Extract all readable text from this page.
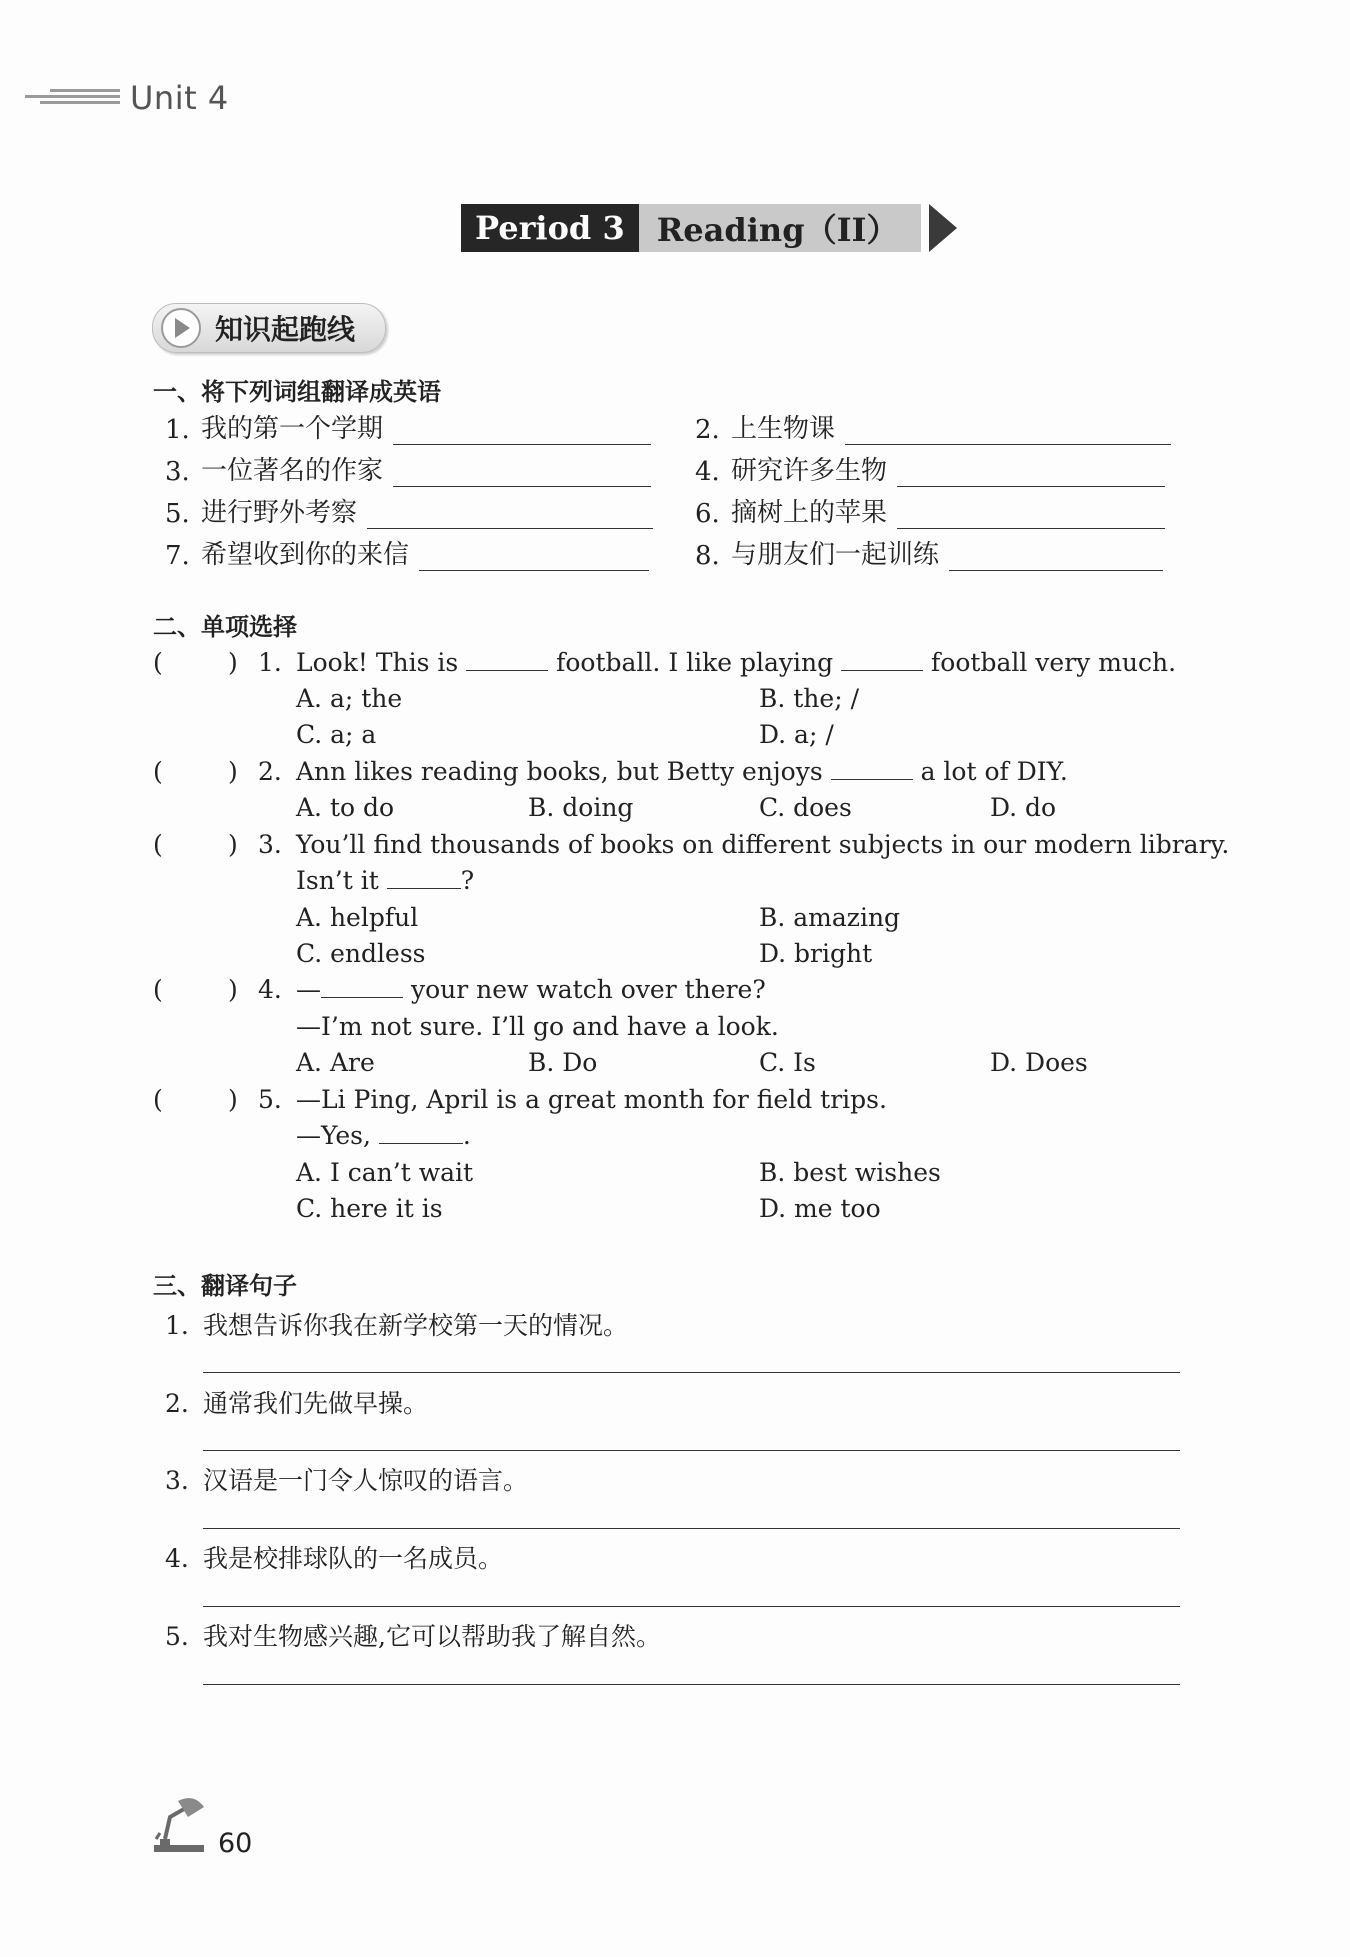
Unit 4
Period 3	Reading（II）
知识起跑线
一、将下列词组翻译成英语
1. 我的第一个学期	2. 上生物课
3. 一位著名的作家	4. 研究许多生物
5. 进行野外考察	6. 摘树上的苹果
7. 希望收到你的来信	8. 与朋友们一起训练
二、单项选择
(	) 1. Look! This is	football. I like playing	football very much.
A. a; the	B. the; /
C. a; a	D. a; /
(	) 2. Ann likes reading books, but Betty enjoys	a lot of DIY.
A. to do	B. doing	C. does	D. do
(	) 3. You’ll find thousands of books on different subjects in our modern library.
Isn’t it	?
A. helpful	B. amazing
C. endless	D. bright
(	) 4. —	your new watch over there?
—I’m not sure. I’ll go and have a look.
A. Are	B. Do	C. Is	D. Does
(	) 5. —Li Ping, April is a great month for field trips.
—Yes,	.
A. I can’t wait	B. best wishes
C. here it is	D. me too
三、翻译句子
1. 我想告诉你我在新学校第一天的情况。
2. 通常我们先做早操。
3. 汉语是一门令人惊叹的语言。
4. 我是校排球队的一名成员。
5. 我对生物感兴趣,它可以帮助我了解自然。
60
